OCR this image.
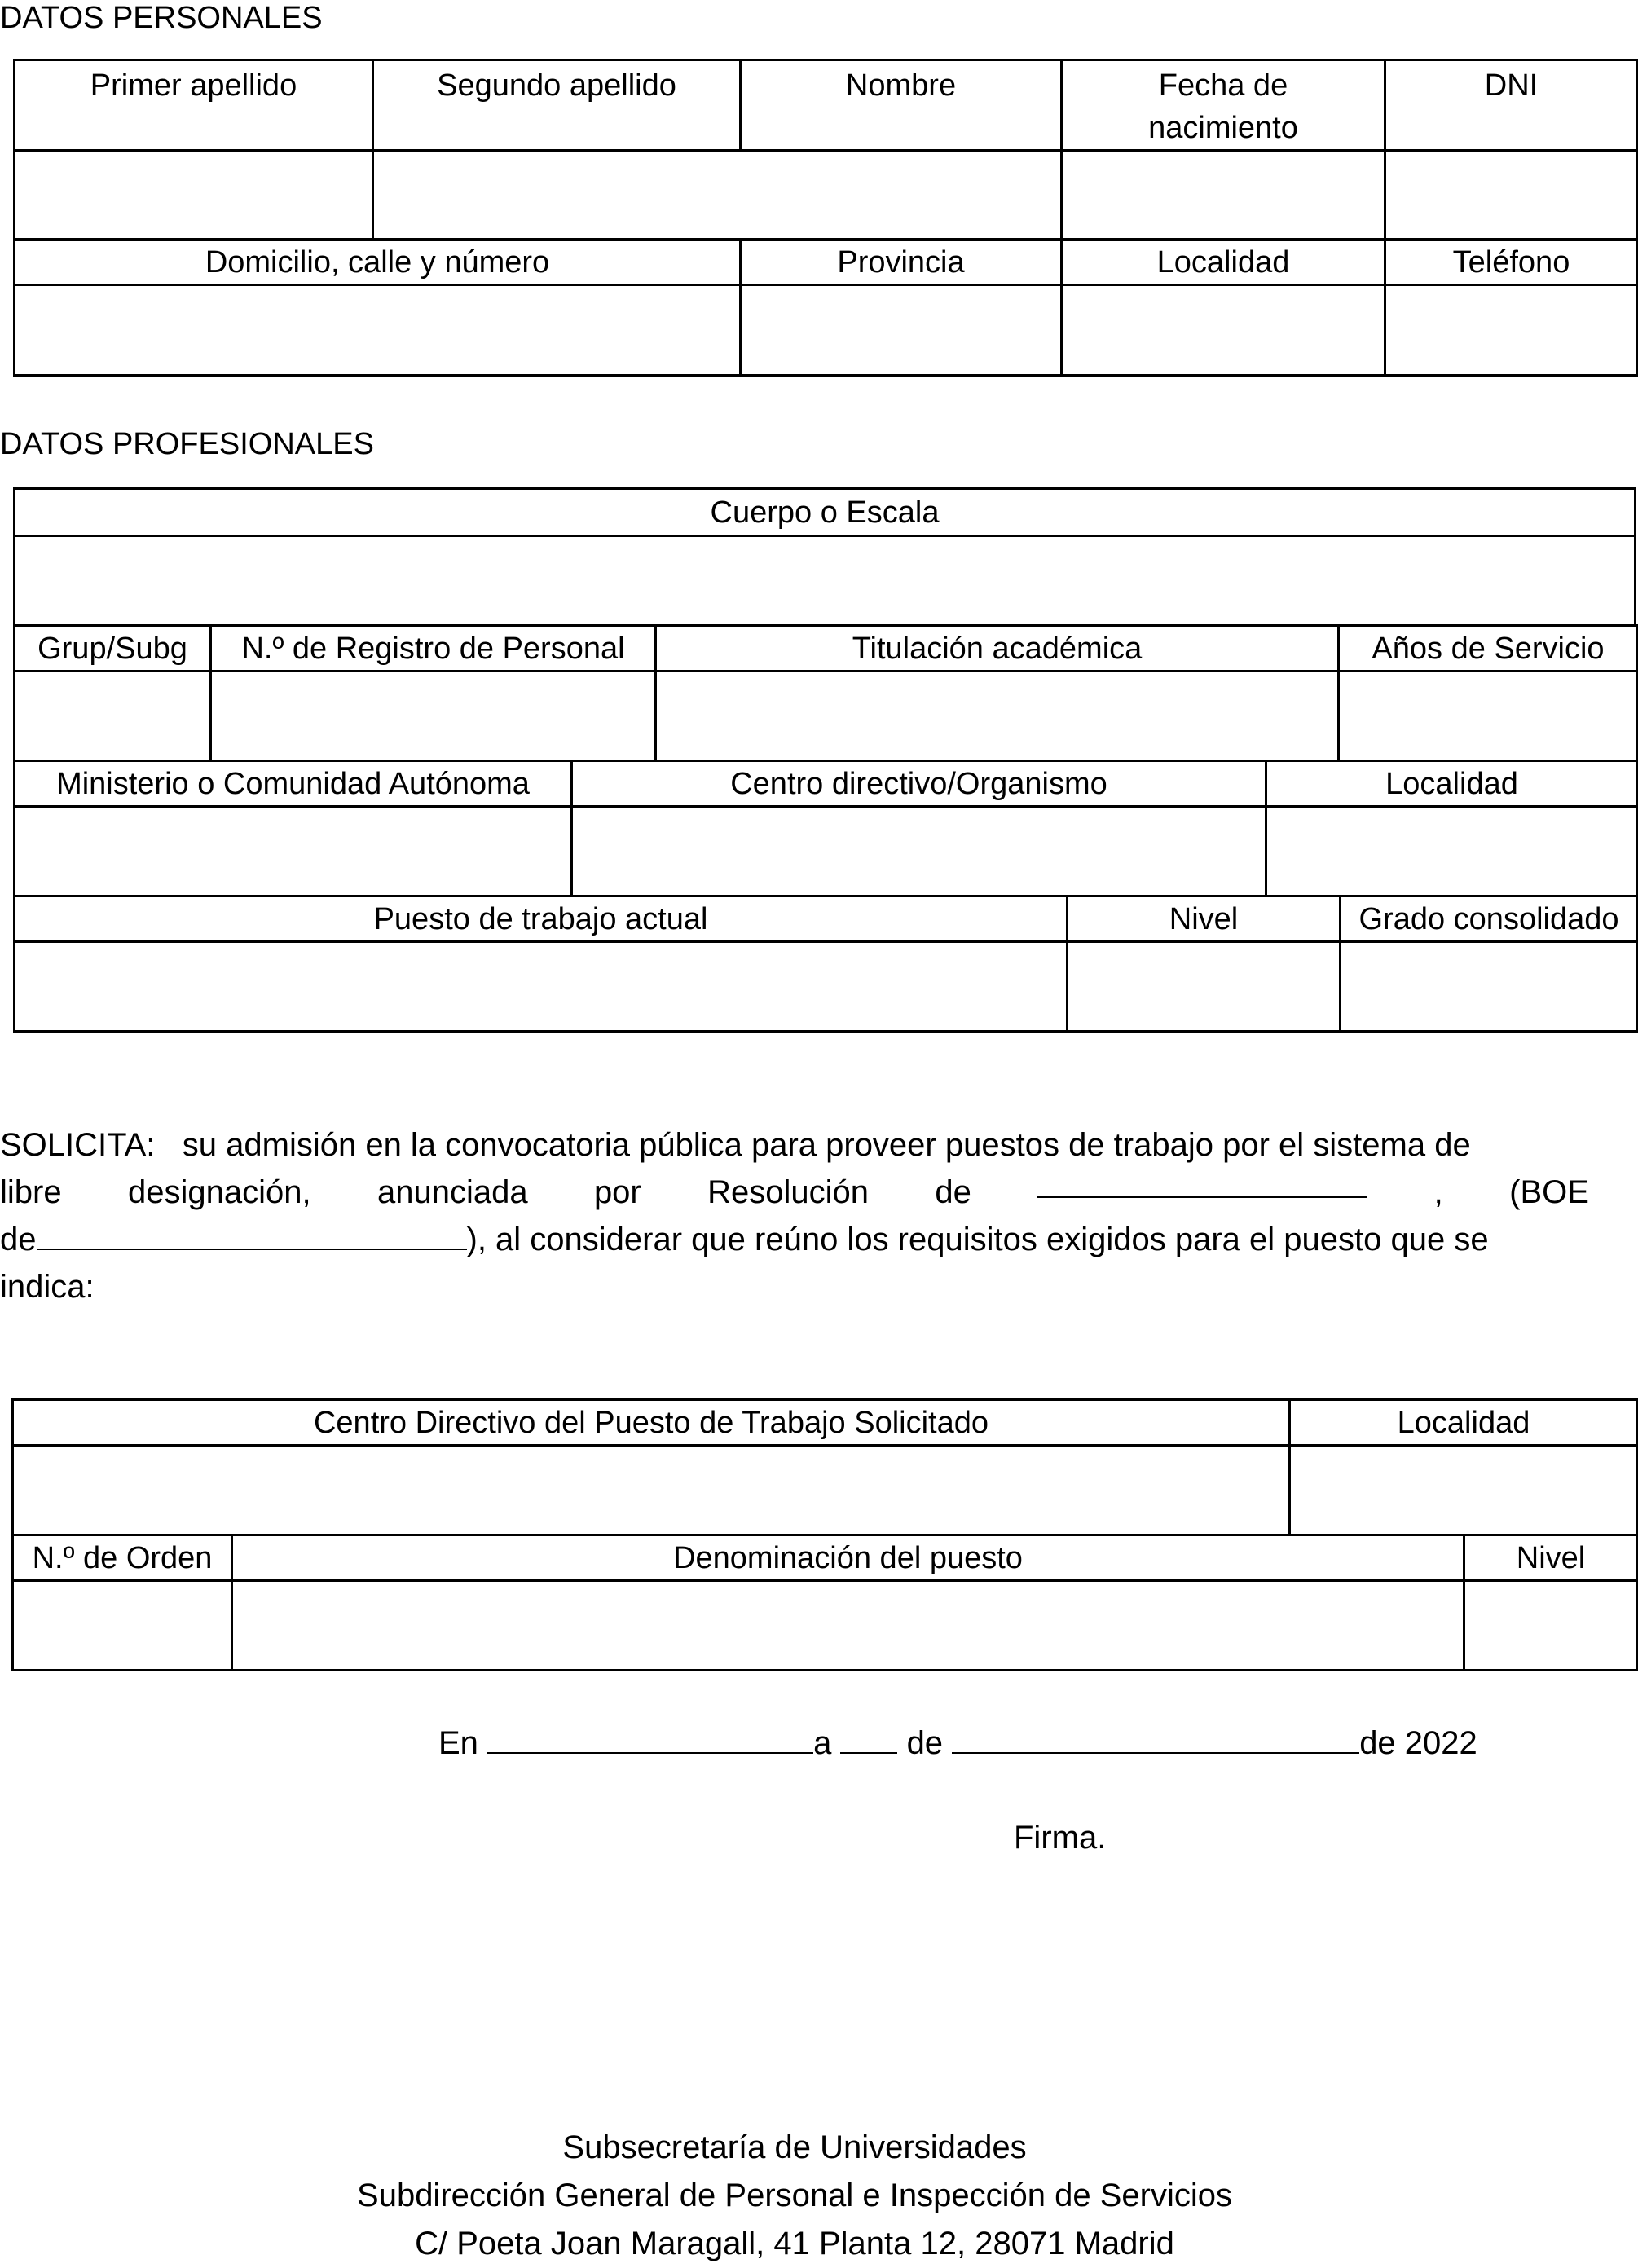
DATOS PERSONALES
Primer apellido	Segundo apellido	Nombre	Fecha de nacimiento	DNI

Domicilio, calle y número	Provincia	Localidad	Teléfono

DATOS PROFESIONALES
Cuerpo o Escala

Grup/Subg	N.º de Registro de Personal	Titulación académica	Años de Servicio

Ministerio o Comunidad Autónoma	Centro directivo/Organismo	Localidad

Puesto de trabajo actual	Nivel	Grado consolidado

SOLICITA: su admisión en la convocatoria pública para proveer puestos de trabajo por el sistema de
libre designación, anunciada por Resolución de	, (BOE
de	), al considerar que reúno los requisitos exigidos para el puesto que se
indica:
Centro Directivo del Puesto de Trabajo Solicitado	Localidad

N.º de Orden	Denominación del puesto	Nivel

En	a de	de 2022
Firma.
Subsecretaría de Universidades
Subdirección General de Personal e Inspección de Servicios
C/ Poeta Joan Maragall, 41 Planta 12, 28071 Madrid
